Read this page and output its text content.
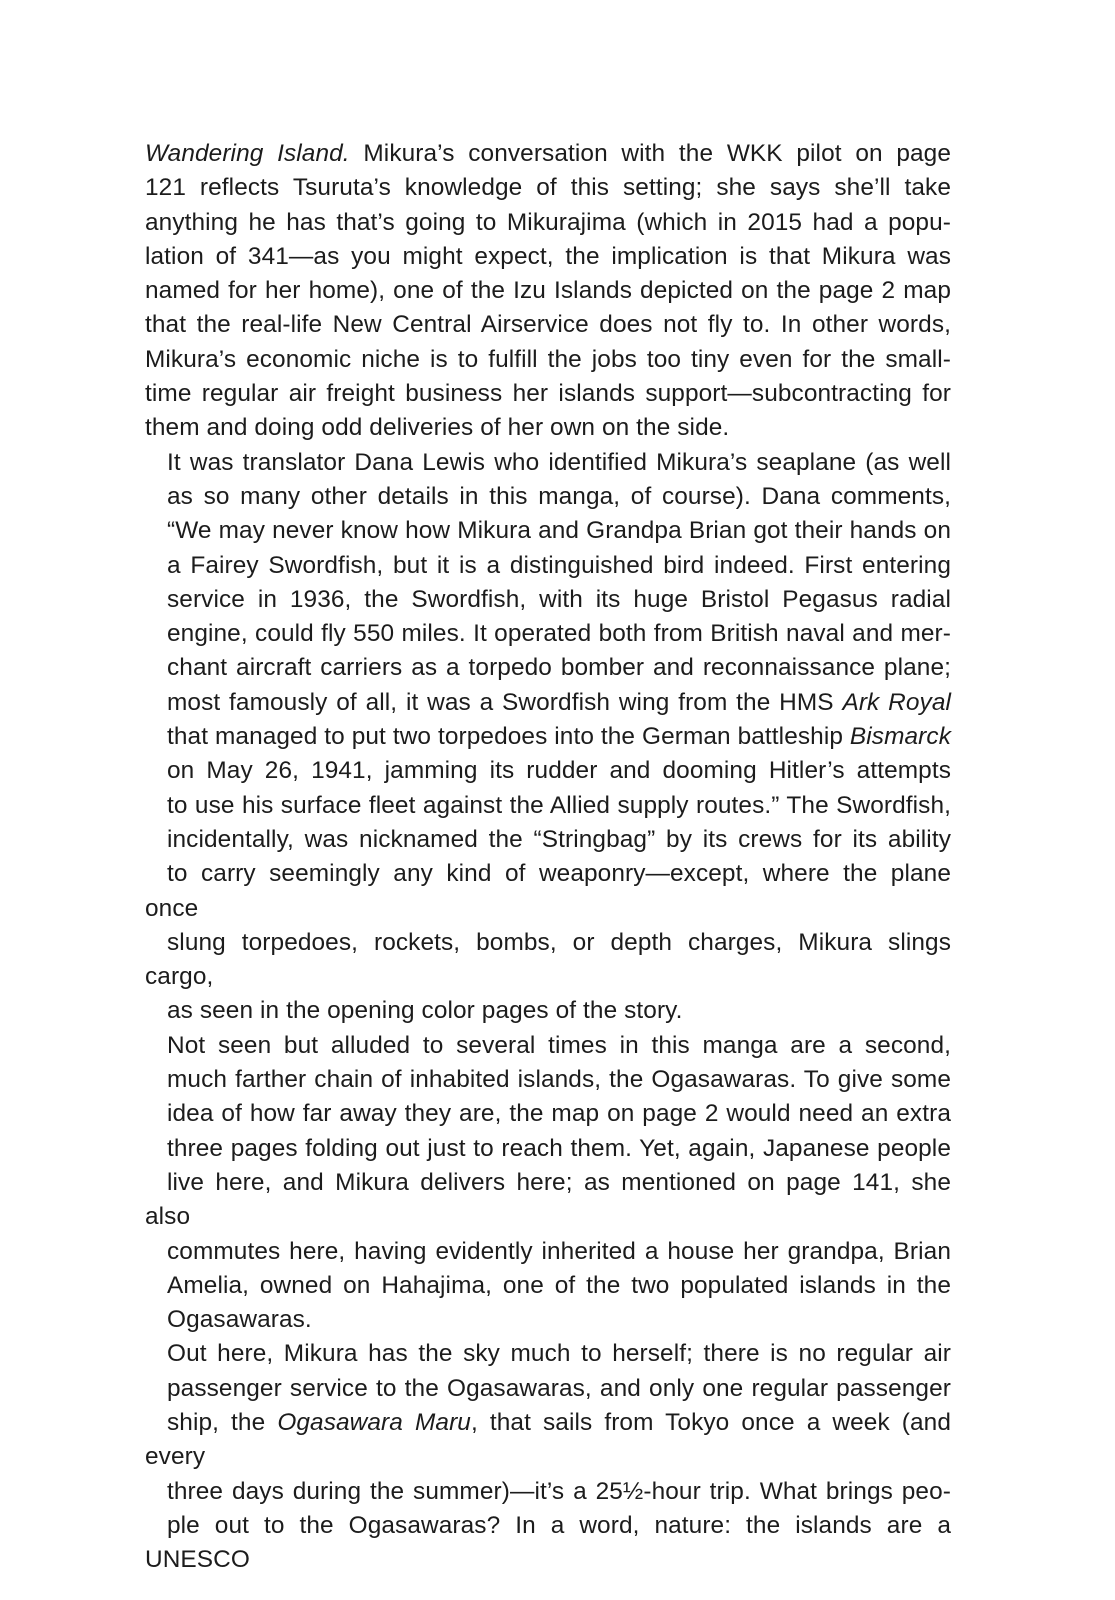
Wandering Island. Mikura’s conversation with the WKK pilot on page
121 reflects Tsuruta’s knowledge of this setting; she says she’ll take
anything he has that’s going to Mikurajima (which in 2015 had a popu-
lation of 341—as you might expect, the implication is that Mikura was
named for her home), one of the Izu Islands depicted on the page 2 map
that the real-life New Central Airservice does not fly to. In other words,
Mikura’s economic niche is to fulfill the jobs too tiny even for the small-
time regular air freight business her islands support—subcontracting for
them and doing odd deliveries of her own on the side.
It was translator Dana Lewis who identified Mikura’s seaplane (as well
as so many other details in this manga, of course). Dana comments,
“We may never know how Mikura and Grandpa Brian got their hands on
a Fairey Swordfish, but it is a distinguished bird indeed. First entering
service in 1936, the Swordfish, with its huge Bristol Pegasus radial
engine, could fly 550 miles. It operated both from British naval and mer-
chant aircraft carriers as a torpedo bomber and reconnaissance plane;
most famously of all, it was a Swordfish wing from the HMS Ark Royal
that managed to put two torpedoes into the German battleship Bismarck
on May 26, 1941, jamming its rudder and dooming Hitler’s attempts
to use his surface fleet against the Allied supply routes.” The Swordfish,
incidentally, was nicknamed the “Stringbag” by its crews for its ability
to carry seemingly any kind of weaponry—except, where the plane once
slung torpedoes, rockets, bombs, or depth charges, Mikura slings cargo,
as seen in the opening color pages of the story.
Not seen but alluded to several times in this manga are a second,
much farther chain of inhabited islands, the Ogasawaras. To give some
idea of how far away they are, the map on page 2 would need an extra
three pages folding out just to reach them. Yet, again, Japanese people
live here, and Mikura delivers here; as mentioned on page 141, she also
commutes here, having evidently inherited a house her grandpa, Brian
Amelia, owned on Hahajima, one of the two populated islands in the
Ogasawaras.
Out here, Mikura has the sky much to herself; there is no regular air
passenger service to the Ogasawaras, and only one regular passenger
ship, the Ogasawara Maru, that sails from Tokyo once a week (and every
three days during the summer)—it’s a 25½-hour trip. What brings peo-
ple out to the Ogasawaras? In a word, nature: the islands are a UNESCO
